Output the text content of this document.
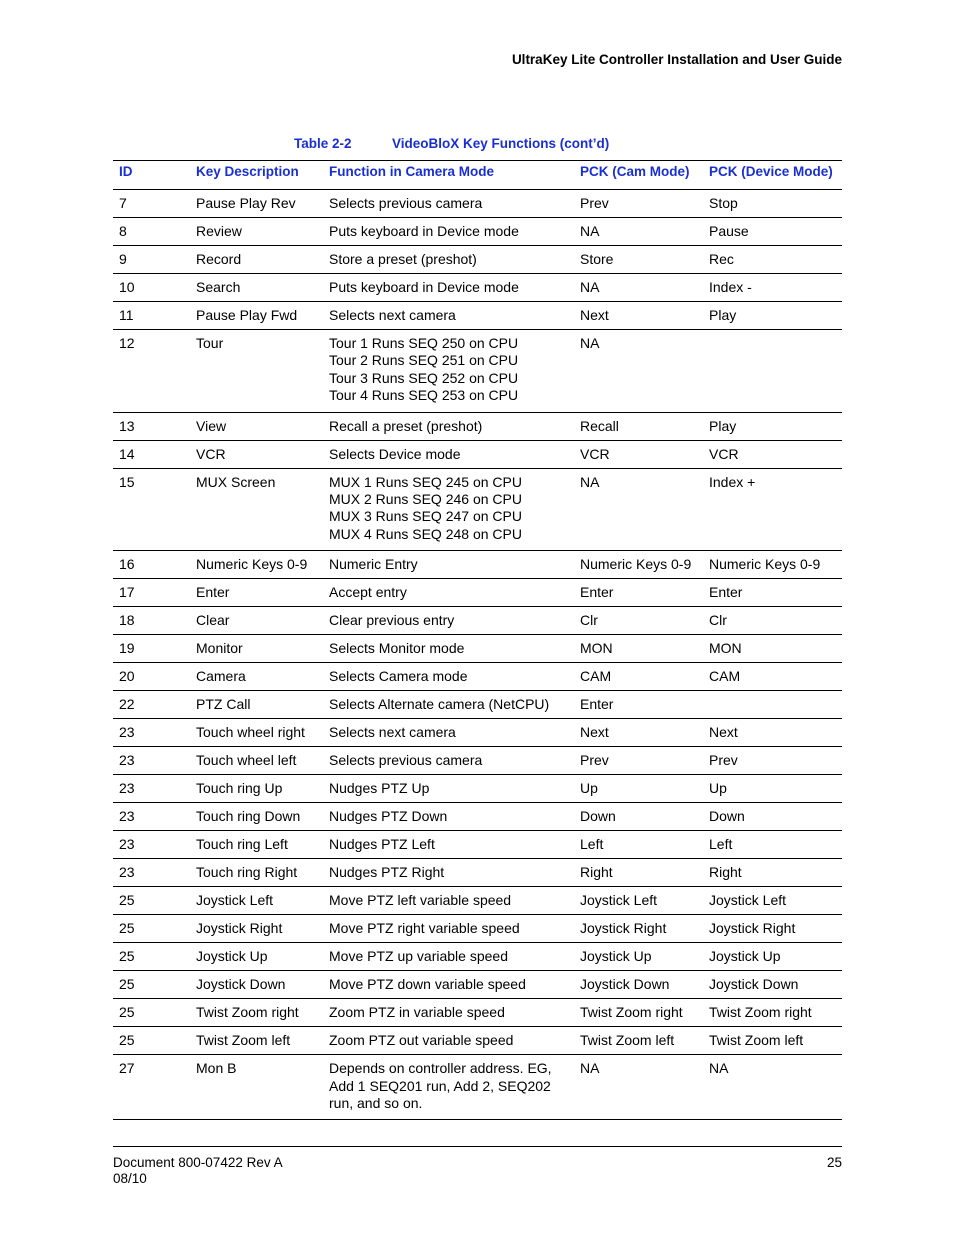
UltraKey Lite Controller Installation and User Guide
Table 2-2	VideoBloX Key Functions (cont’d)
ID	Key Description	Function in Camera Mode	PCK (Cam Mode)	PCK (Device Mode)
7	Pause Play Rev	Selects previous camera	Prev	Stop
8	Review	Puts keyboard in Device mode	NA	Pause
9	Record	Store a preset (preshot)	Store	Rec
10	Search	Puts keyboard in Device mode	NA	Index -
11	Pause Play Fwd	Selects next camera	Next	Play
12	Tour	Tour 1 Runs SEQ 250 on CPU
Tour 2 Runs SEQ 251 on CPU
Tour 3 Runs SEQ 252 on CPU
Tour 4 Runs SEQ 253 on CPU	NA	
13	View	Recall a preset (preshot)	Recall	Play
14	VCR	Selects Device mode	VCR	VCR
15	MUX Screen	MUX 1 Runs SEQ 245 on CPU
MUX 2 Runs SEQ 246 on CPU
MUX 3 Runs SEQ 247 on CPU
MUX 4 Runs SEQ 248 on CPU	NA	Index +
16	Numeric Keys 0-9	Numeric Entry	Numeric Keys 0-9	Numeric Keys 0-9
17	Enter	Accept entry	Enter	Enter
18	Clear	Clear previous entry	Clr	Clr
19	Monitor	Selects Monitor mode	MON	MON
20	Camera	Selects Camera mode	CAM	CAM
22	PTZ Call	Selects Alternate camera (NetCPU)	Enter	
23	Touch wheel right	Selects next camera	Next	Next
23	Touch wheel left	Selects previous camera	Prev	Prev
23	Touch ring Up	Nudges PTZ Up	Up	Up
23	Touch ring Down	Nudges PTZ Down	Down	Down
23	Touch ring Left	Nudges PTZ Left	Left	Left
23	Touch ring Right	Nudges PTZ Right	Right	Right
25	Joystick Left	Move PTZ left variable speed	Joystick Left	Joystick Left
25	Joystick Right	Move PTZ right variable speed	Joystick Right	Joystick Right
25	Joystick Up	Move PTZ up variable speed	Joystick Up	Joystick Up
25	Joystick Down	Move PTZ down variable speed	Joystick Down	Joystick Down
25	Twist Zoom right	Zoom PTZ in variable speed	Twist Zoom right	Twist Zoom right
25	Twist Zoom left	Zoom PTZ out variable speed	Twist Zoom left	Twist Zoom left
27	Mon B	Depends on controller address. EG,
Add 1 SEQ201 run, Add 2, SEQ202
run, and so on.	NA	NA
Document 800-07422 Rev A
08/10
25
